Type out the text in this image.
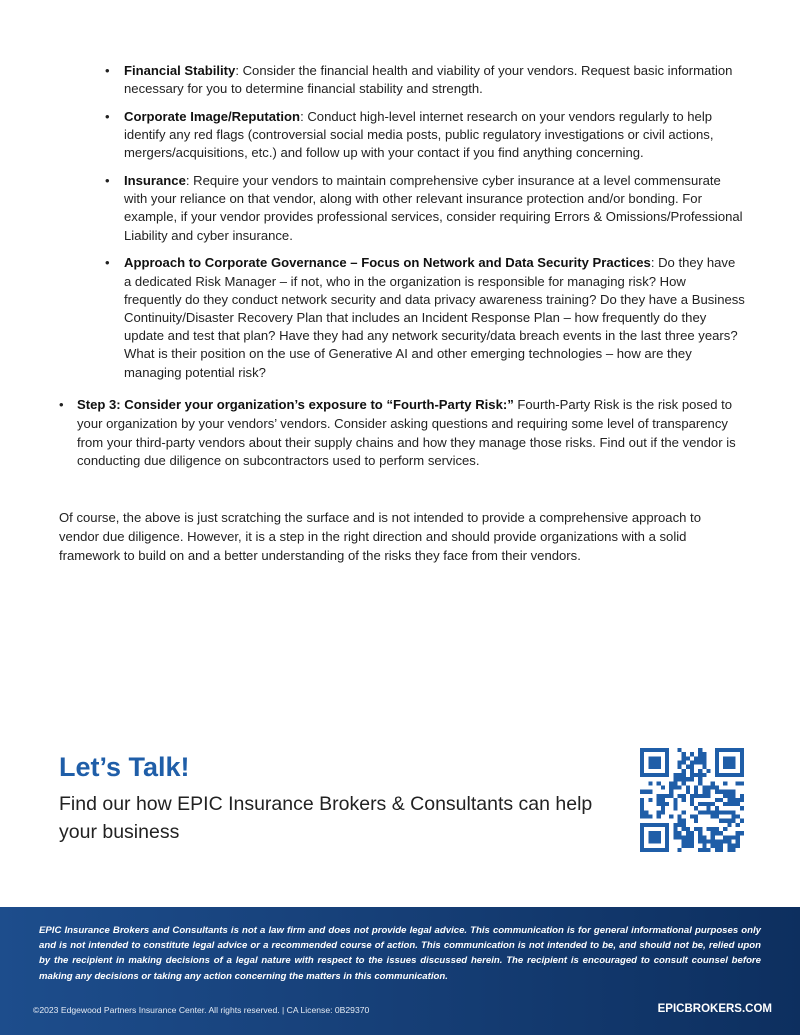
• Financial Stability: Consider the financial health and viability of your vendors. Request basic information necessary for you to determine financial stability and strength.
• Corporate Image/Reputation: Conduct high-level internet research on your vendors regularly to help identify any red flags (controversial social media posts, public regulatory investigations or civil actions, mergers/acquisitions, etc.) and follow up with your contact if you find anything concerning.
• Insurance: Require your vendors to maintain comprehensive cyber insurance at a level commensurate with your reliance on that vendor, along with other relevant insurance protection and/or bonding. For example, if your vendor provides professional services, consider requiring Errors & Omissions/Professional Liability and cyber insurance.
• Approach to Corporate Governance – Focus on Network and Data Security Practices: Do they have a dedicated Risk Manager – if not, who in the organization is responsible for managing risk? How frequently do they conduct network security and data privacy awareness training? Do they have a Business Continuity/Disaster Recovery Plan that includes an Incident Response Plan – how frequently do they update and test that plan? Have they had any network security/data breach events in the last three years? What is their position on the use of Generative AI and other emerging technologies – how are they managing potential risk?
• Step 3: Consider your organization’s exposure to “Fourth-Party Risk:” Fourth-Party Risk is the risk posed to your organization by your vendors’ vendors. Consider asking questions and requiring some level of transparency from your third-party vendors about their supply chains and how they manage those risks. Find out if the vendor is conducting due diligence on subcontractors used to perform services.

Of course, the above is just scratching the surface and is not intended to provide a comprehensive approach to vendor due diligence. However, it is a step in the right direction and should provide organizations with a solid framework to build on and a better understanding of the risks they face from their vendors.

Let’s Talk!

Find our how EPIC Insurance Brokers & Consultants can help your business

EPIC Insurance Brokers and Consultants is not a law firm and does not provide legal advice. This communication is for general informational purposes only and is not intended to constitute legal advice or a recommended course of action. This communication is not intended to be, and should not be, relied upon by the recipient in making decisions of a legal nature with respect to the issues discussed herein. The recipient is encouraged to consult counsel before making any decisions or taking any action concerning the matters in this communication.

©2023 Edgewood Partners Insurance Center. All rights reserved. | CA License: 0B29370	EPICBROKERS.COM
